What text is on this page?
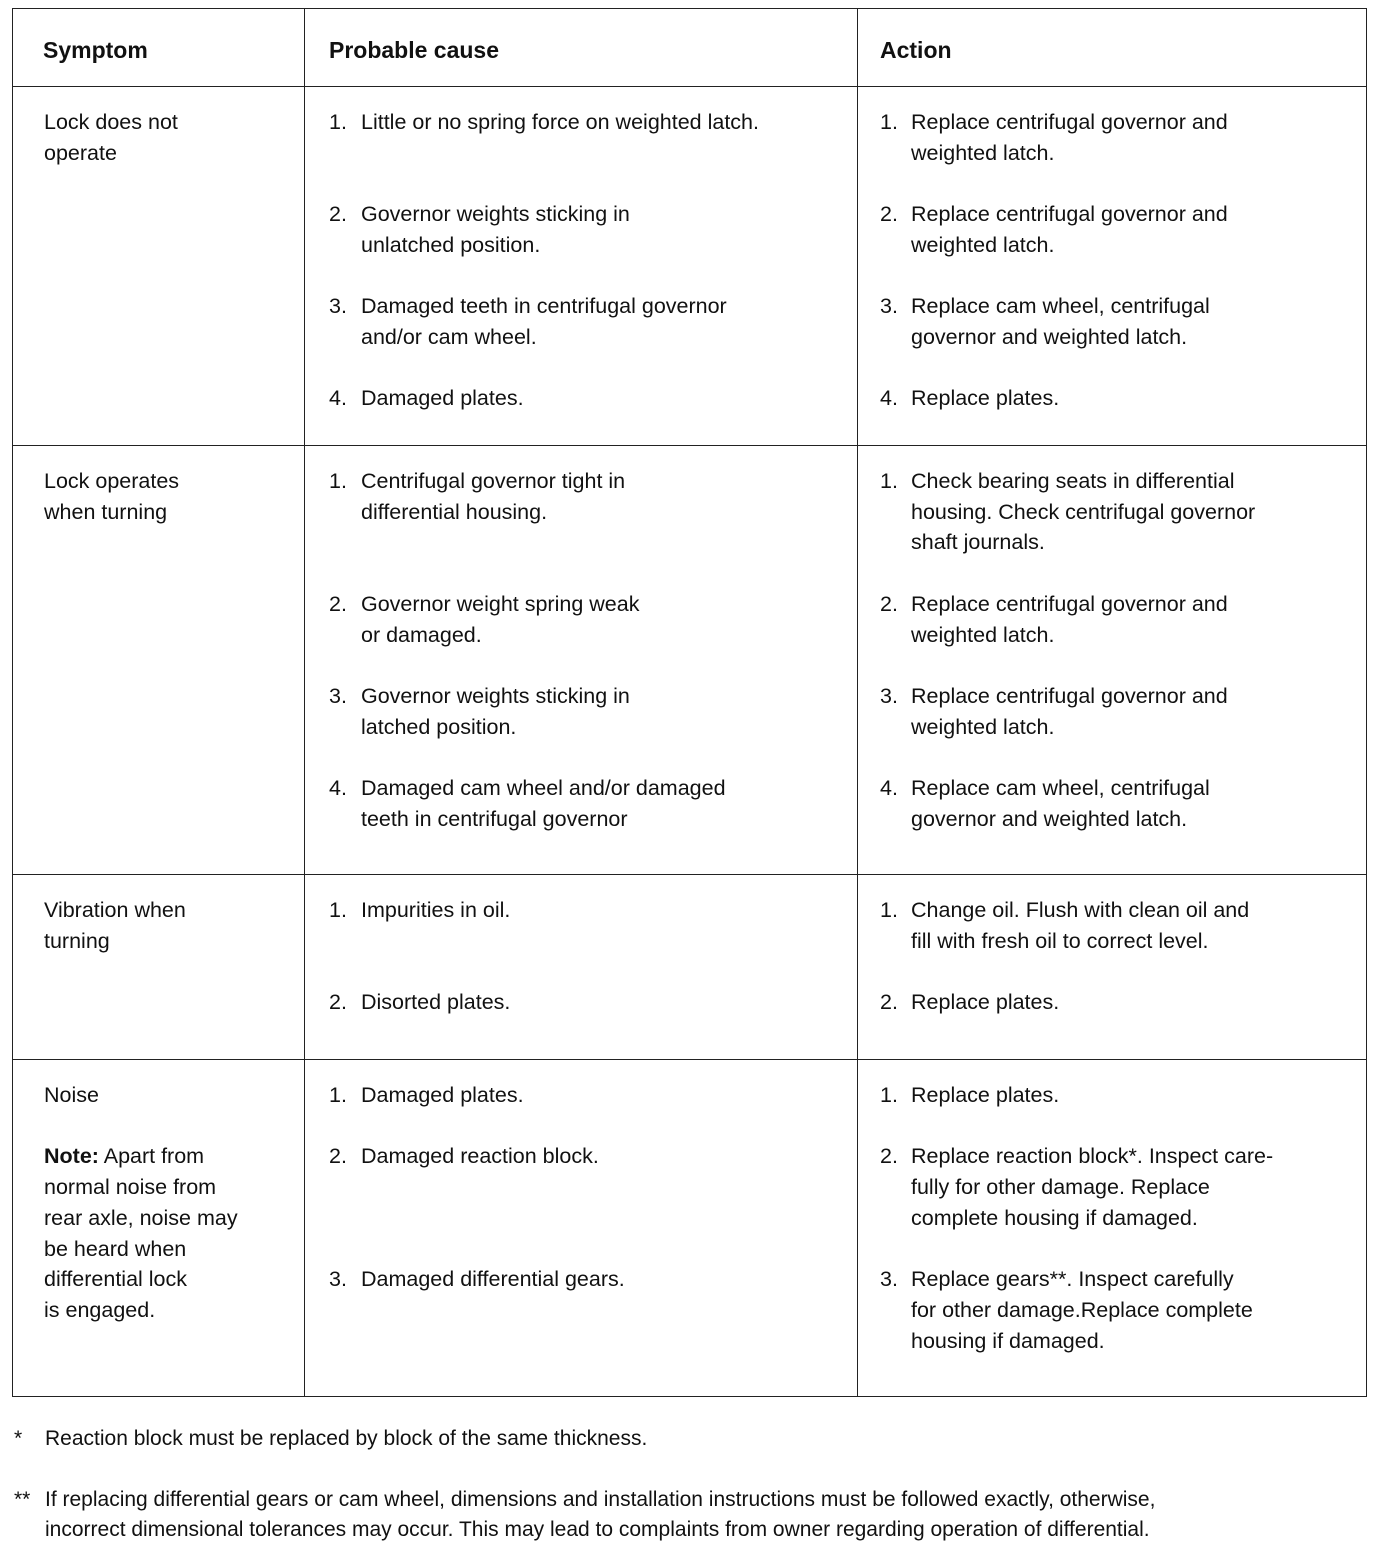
Symptom	Probable cause	Action
Lock does not
operate
1. Little or no spring force on weighted latch.
2. Governor weights sticking in
unlatched position.
3. Damaged teeth in centrifugal governor
and/or cam wheel.
4. Damaged plates.
1. Replace centrifugal governor and
weighted latch.
2. Replace centrifugal governor and
weighted latch.
3. Replace cam wheel, centrifugal
governor and weighted latch.
4. Replace plates.
Lock operates
when turning
1. Centrifugal governor tight in
differential housing.
2. Governor weight spring weak
or damaged.
3. Governor weights sticking in
latched position.
4. Damaged cam wheel and/or damaged
teeth in centrifugal governor
1. Check bearing seats in differential
housing. Check centrifugal governor
shaft journals.
2. Replace centrifugal governor and
weighted latch.
3. Replace centrifugal governor and
weighted latch.
4. Replace cam wheel, centrifugal
governor and weighted latch.
Vibration when
turning
1. Impurities in oil.
2. Disorted plates.
1. Change oil. Flush with clean oil and
fill with fresh oil to correct level.
2. Replace plates.
Noise
Note: Apart from
normal noise from
rear axle, noise may
be heard when
differential lock
is engaged.
1. Damaged plates.
2. Damaged reaction block.
3. Damaged differential gears.
1. Replace plates.
2. Replace reaction block*. Inspect care-
fully for other damage. Replace
complete housing if damaged.
3. Replace gears**. Inspect carefully
for other damage.Replace complete
housing if damaged.
* Reaction block must be replaced by block of the same thickness.
** If replacing differential gears or cam wheel, dimensions and installation instructions must be followed exactly, otherwise,
incorrect dimensional tolerances may occur. This may lead to complaints from owner regarding operation of differential.
